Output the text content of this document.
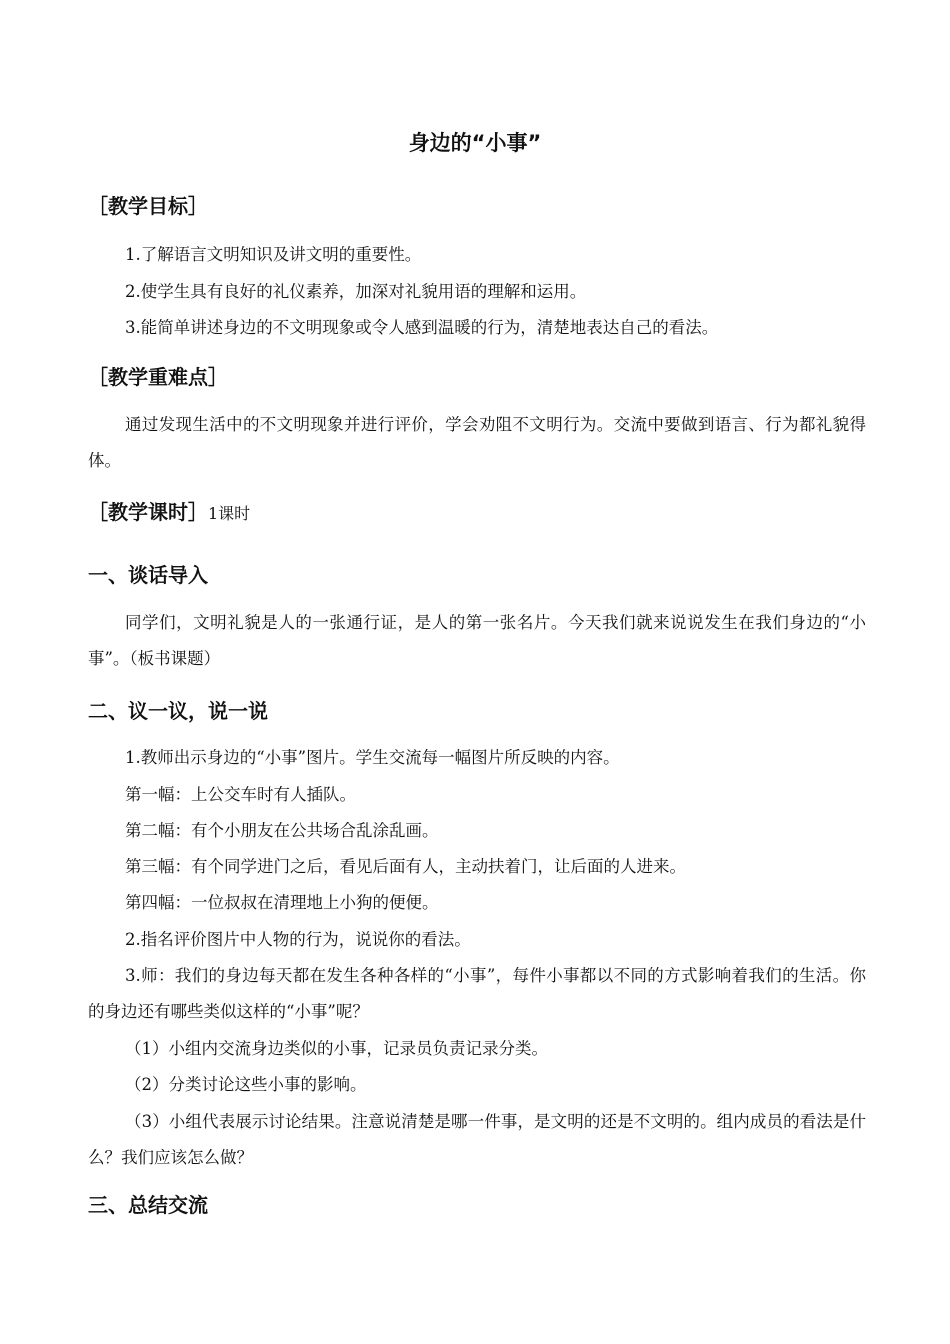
身边的“小事”
［教学目标］
1.了解语言文明知识及讲文明的重要性。
2.使学生具有良好的礼仪素养，加深对礼貌用语的理解和运用。
3.能简单讲述身边的不文明现象或令人感到温暖的行为，清楚地表达自己的看法。
［教学重难点］
通过发现生活中的不文明现象并进行评价，学会劝阻不文明行为。交流中要做到语言、行为都礼貌得体。
［教学课时］1课时
一、谈话导入
同学们，文明礼貌是人的一张通行证，是人的第一张名片。今天我们就来说说发生在我们身边的“小事”。（板书课题）
二、议一议，说一说
1.教师出示身边的“小事”图片。学生交流每一幅图片所反映的内容。
第一幅：上公交车时有人插队。
第二幅：有个小朋友在公共场合乱涂乱画。
第三幅：有个同学进门之后，看见后面有人，主动扶着门，让后面的人进来。
第四幅：一位叔叔在清理地上小狗的便便。
2.指名评价图片中人物的行为，说说你的看法。
3.师：我们的身边每天都在发生各种各样的“小事”，每件小事都以不同的方式影响着我们的生活。你的身边还有哪些类似这样的“小事”呢？
（1）小组内交流身边类似的小事，记录员负责记录分类。
（2）分类讨论这些小事的影响。
（3）小组代表展示讨论结果。注意说清楚是哪一件事，是文明的还是不文明的。组内成员的看法是什么？我们应该怎么做？
三、总结交流
